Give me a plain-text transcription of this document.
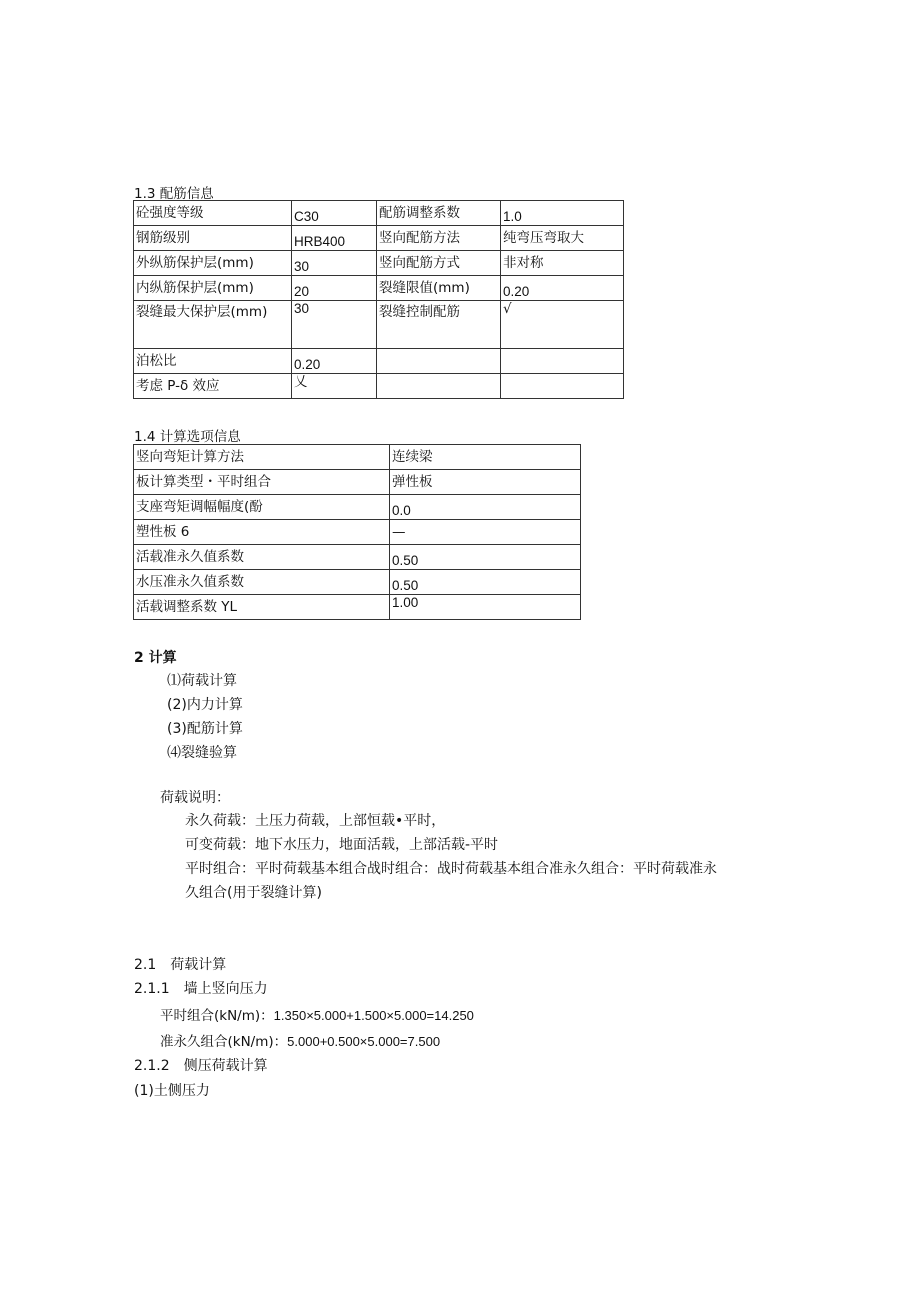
1.3 配筋信息
砼强度等级	C30	配筋调整系数	1.0
钢筋级别	HRB400	竖向配筋方法	纯弯压弯取大
外纵筋保护层(mm)	30	竖向配筋方式	非对称
内纵筋保护层(mm)	20	裂缝限值(mm)	0.20
裂缝最大保护层(mm)	30	裂缝控制配筋	√
泊松比	0.20		
考虑 P-δ 效应	乂		
1.4 计算选项信息
竖向弯矩计算方法	连续梁
板计算类型・平时组合	弹性板
支座弯矩调幅幅度(酚	0.0
塑性板 6	—
活载准永久值系数	0.50
水压准永久值系数	0.50
活载调整系数 YL	1.00
2 计算
⑴荷载计算
(2)内力计算
(3)配筋计算
⑷裂缝验算
荷载说明：
永久荷载：土压力荷载，上部恒载•平时，
可变荷载：地下水压力，地面活载，上部活载-平时
平时组合：平时荷载基本组合战时组合：战时荷载基本组合准永久组合：平时荷载准永
久组合(用于裂缝计算)
2.1　荷载计算
2.1.1　墙上竖向压力
平时组合(kN/m)：1.350×5.000+1.500×5.000=14.250
准永久组合(kN/m)：5.000+0.500×5.000=7.500
2.1.2　侧压荷载计算
(1)土侧压力
